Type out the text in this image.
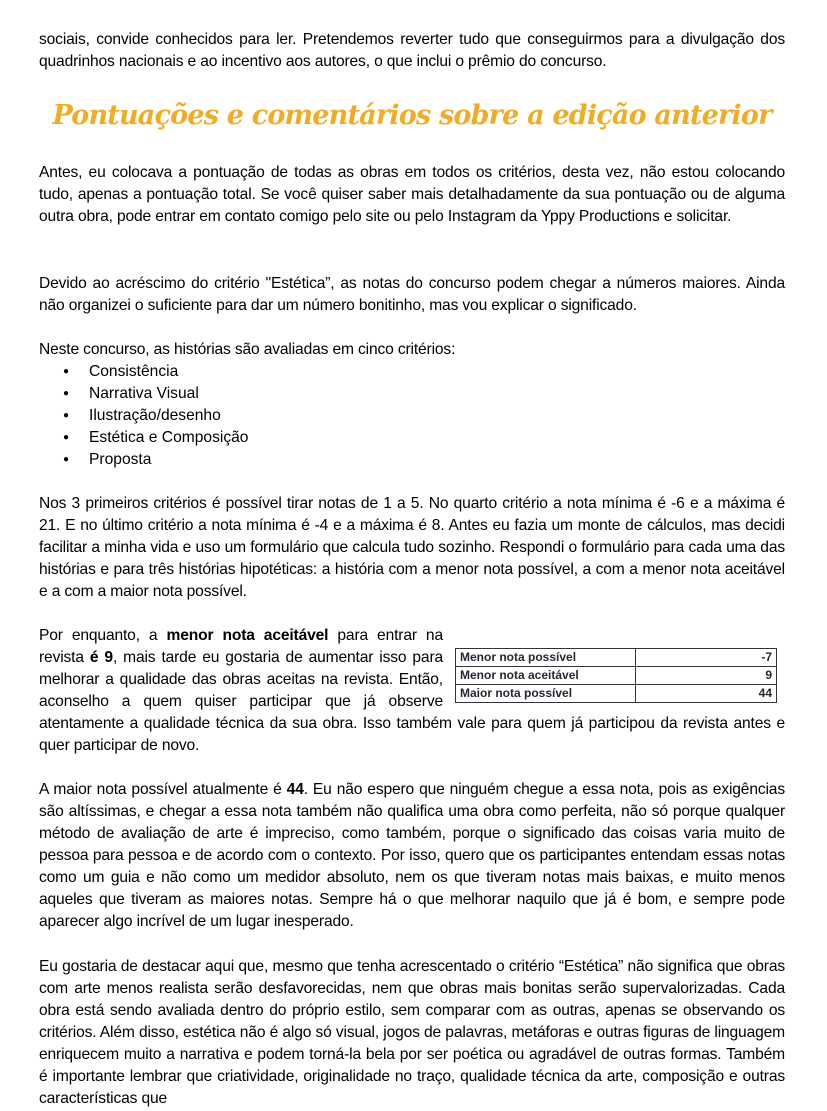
sociais, convide conhecidos para ler. Pretendemos reverter tudo que conseguirmos para a divulgação dos quadrinhos nacionais e ao incentivo aos autores, o que inclui o prêmio do concurso.

Pontuações e comentários sobre a edição anterior

Antes, eu colocava a pontuação de todas as obras em todos os critérios, desta vez, não estou colocando tudo, apenas a pontuação total. Se você quiser saber mais detalhadamente da sua pontuação ou de alguma outra obra, pode entrar em contato comigo pelo site ou pelo Instagram da Yppy Productions e solicitar.

Devido ao acréscimo do critério "Estética”, as notas do concurso podem chegar a números maiores. Ainda não organizei o suficiente para dar um número bonitinho, mas vou explicar o significado.

Neste concurso, as histórias são avaliadas em cinco critérios:

● Consistência
● Narrativa Visual
● Ilustração/desenho
● Estética e Composição
● Proposta

Nos 3 primeiros critérios é possível tirar notas de 1 a 5. No quarto critério a nota mínima é -6 e a máxima é 21. E no último critério a nota mínima é -4 e a máxima é 8. Antes eu fazia um monte de cálculos, mas decidi facilitar a minha vida e uso um formulário que calcula tudo sozinho. Respondi o formulário para cada uma das histórias e para três histórias hipotéticas: a história com a menor nota possível, a com a menor nota aceitável e a com a maior nota possível.

Menor nota possível	-7
Menor nota aceitável	9
Maior nota possível	44

Por enquanto, a menor nota aceitável para entrar na revista é 9, mais tarde eu gostaria de aumentar isso para melhorar a qualidade das obras aceitas na revista. Então, aconselho a quem quiser participar que já observe atentamente a qualidade técnica da sua obra. Isso também vale para quem já participou da revista antes e quer participar de novo.

A maior nota possível atualmente é 44. Eu não espero que ninguém chegue a essa nota, pois as exigências são altíssimas, e chegar a essa nota também não qualifica uma obra como perfeita, não só porque qualquer método de avaliação de arte é impreciso, como também, porque o significado das coisas varia muito de pessoa para pessoa e de acordo com o contexto. Por isso, quero que os participantes entendam essas notas como um guia e não como um medidor absoluto, nem os que tiveram notas mais baixas, e muito menos aqueles que tiveram as maiores notas. Sempre há o que melhorar naquilo que já é bom, e sempre pode aparecer algo incrível de um lugar inesperado.

Eu gostaria de destacar aqui que, mesmo que tenha acrescentado o critério “Estética” não significa que obras com arte menos realista serão desfavorecidas, nem que obras mais bonitas serão supervalorizadas. Cada obra está sendo avaliada dentro do próprio estilo, sem comparar com as outras, apenas se observando os critérios. Além disso, estética não é algo só visual, jogos de palavras, metáforas e outras figuras de linguagem enriquecem muito a narrativa e podem torná-la bela por ser poética ou agradável de outras formas. Também é importante lembrar que criatividade, originalidade no traço, qualidade técnica da arte, composição e outras características que
